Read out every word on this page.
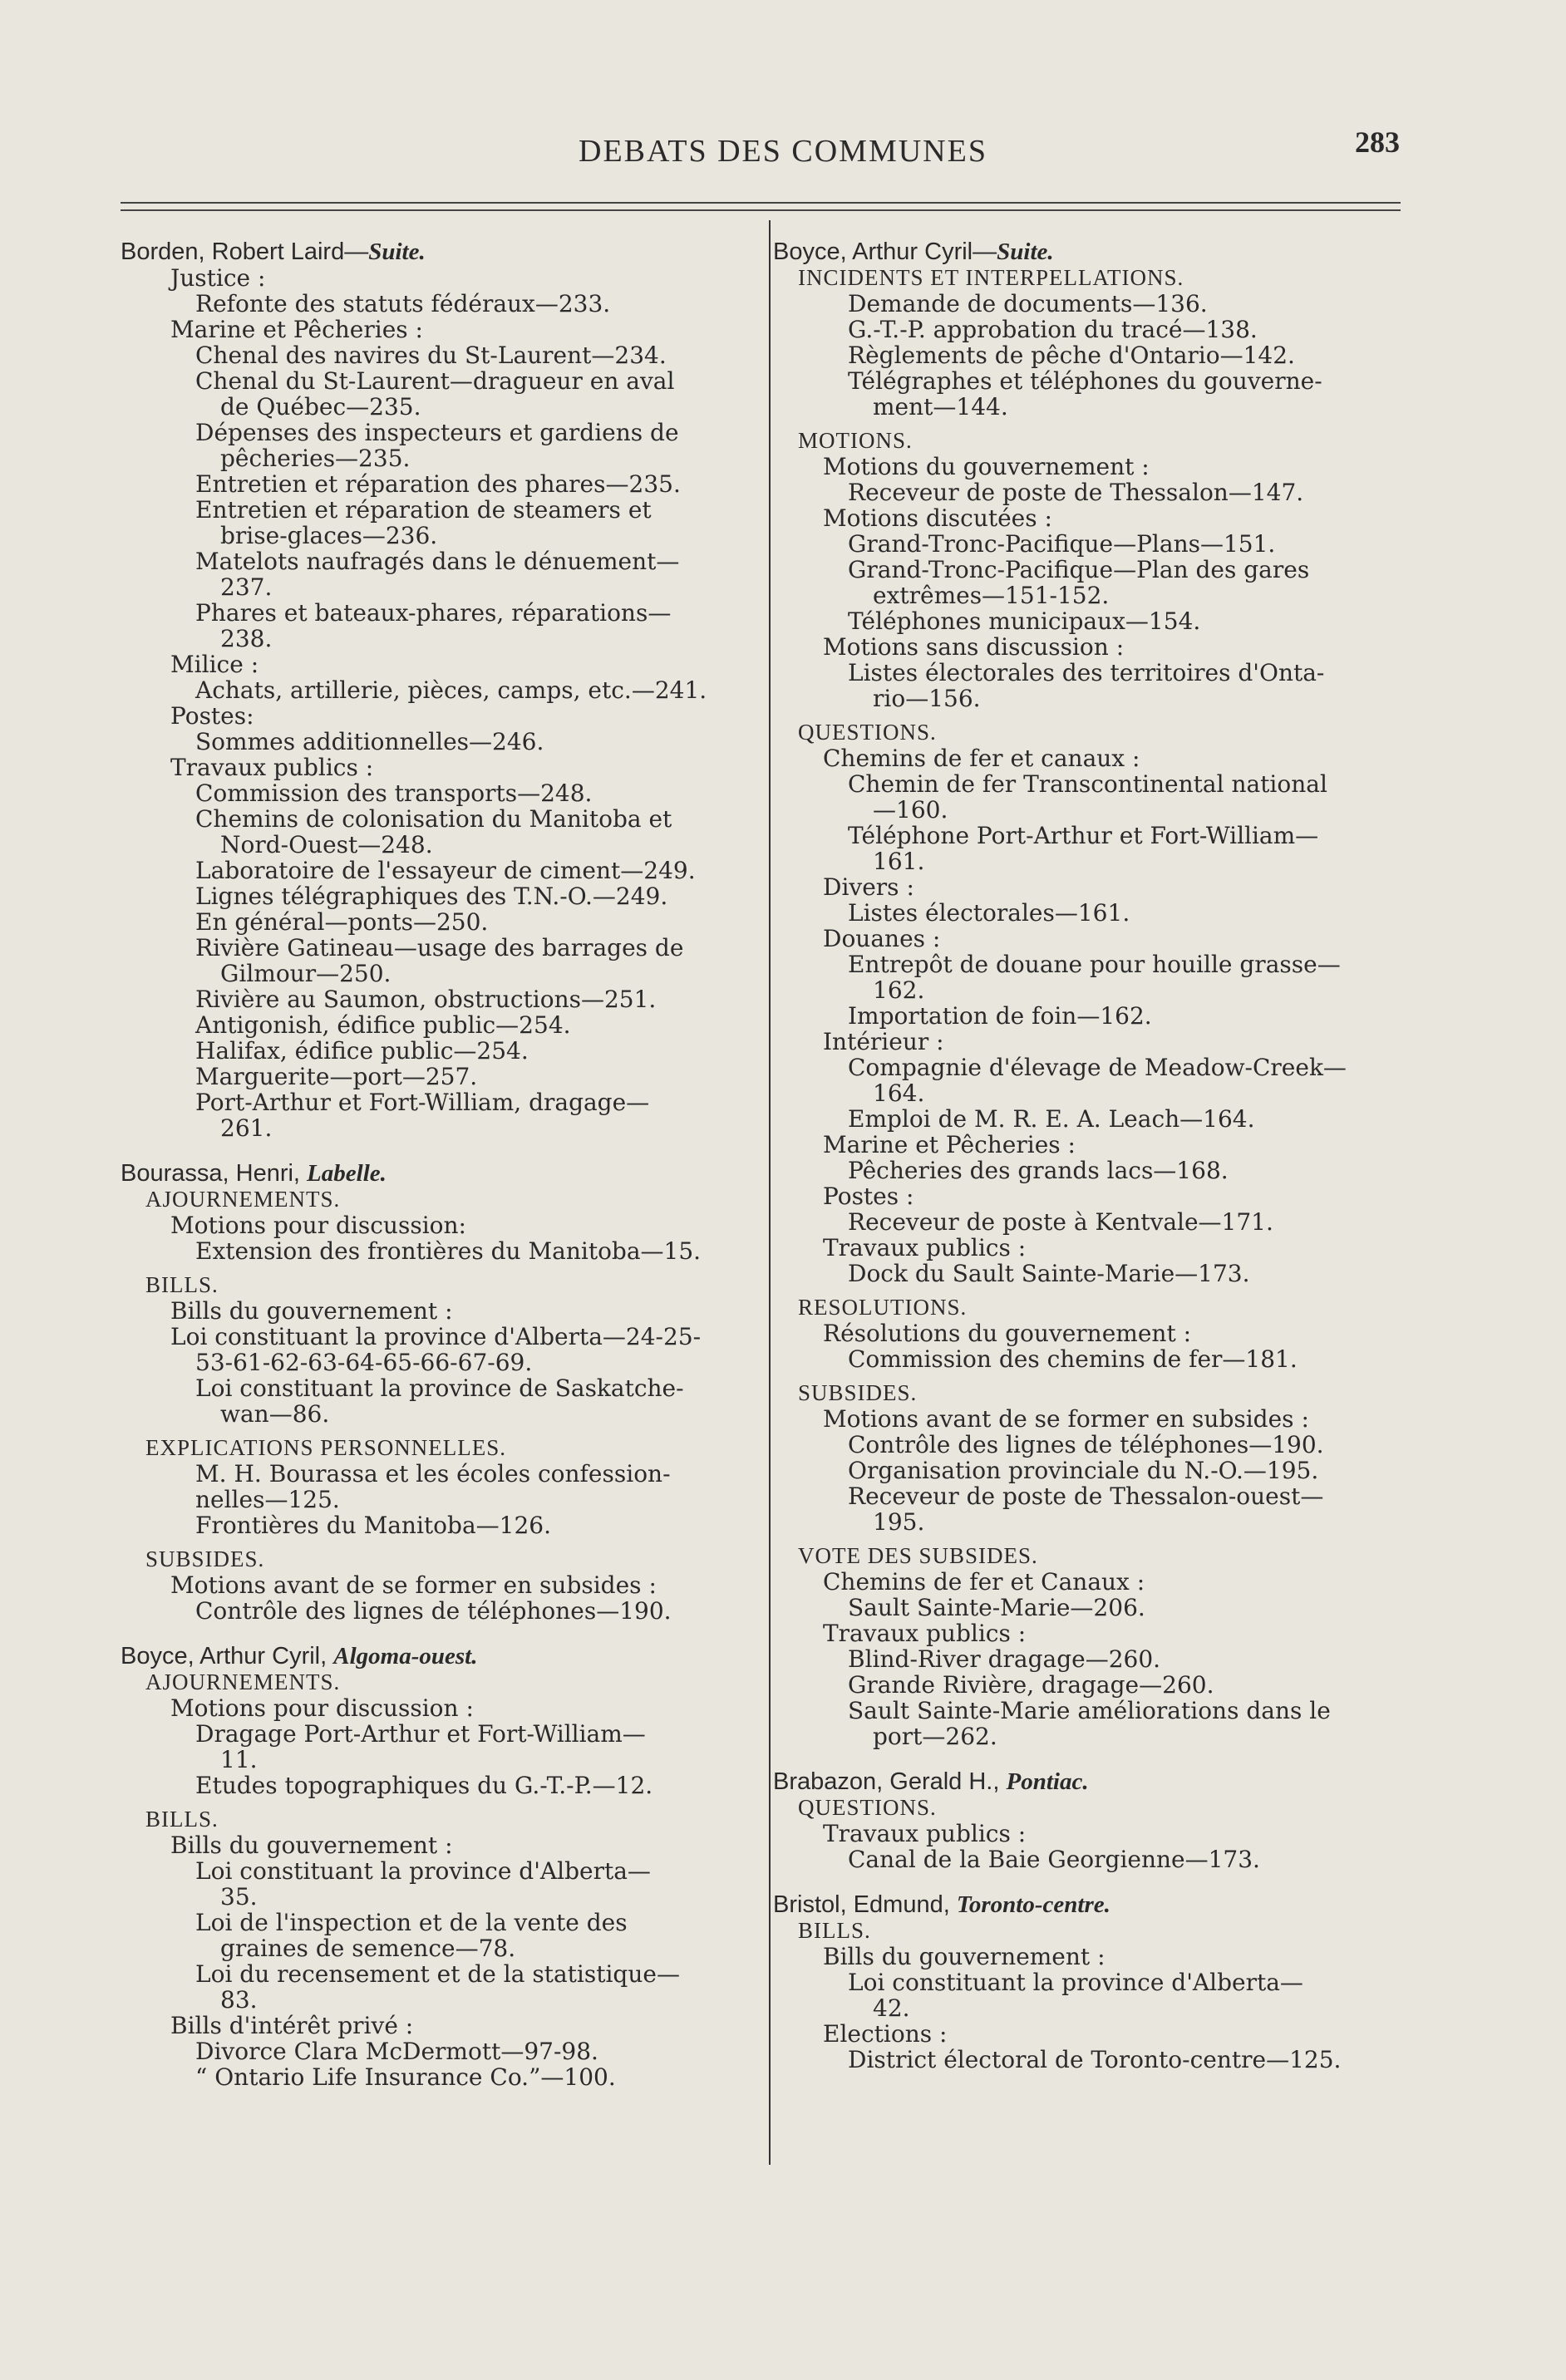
DEBATS DES COMMUNES	283
Borden, Robert Laird—Suite.
Justice :
Refonte des statuts fédéraux—233.
Marine et Pêcheries :
Chenal des navires du St-Laurent—234.
Chenal du St-Laurent—dragueur en aval
de Québec—235.
Dépenses des inspecteurs et gardiens de
pêcheries—235.
Entretien et réparation des phares—235.
Entretien et réparation de steamers et
brise-glaces—236.
Matelots naufragés dans le dénuement—
237.
Phares et bateaux-phares, réparations—
238.
Milice :
Achats, artillerie, pièces, camps, etc.—241.
Postes:
Sommes additionnelles—246.
Travaux publics :
Commission des transports—248.
Chemins de colonisation du Manitoba et
Nord-Ouest—248.
Laboratoire de l'essayeur de ciment—249.
Lignes télégraphiques des T.N.-O.—249.
En général—ponts—250.
Rivière Gatineau—usage des barrages de
Gilmour—250.
Rivière au Saumon, obstructions—251.
Antigonish, édifice public—254.
Halifax, édifice public—254.
Marguerite—port—257.
Port-Arthur et Fort-William, dragage—
261.
Bourassa, Henri, Labelle.
AJOURNEMENTS.
Motions pour discussion:
Extension des frontières du Manitoba—15.
BILLS.
Bills du gouvernement :
Loi constituant la province d'Alberta—24-25-
53-61-62-63-64-65-66-67-69.
Loi constituant la province de Saskatche-
wan—86.
EXPLICATIONS PERSONNELLES.
M. H. Bourassa et les écoles confession-
nelles—125.
Frontières du Manitoba—126.
SUBSIDES.
Motions avant de se former en subsides :
Contrôle des lignes de téléphones—190.
Boyce, Arthur Cyril, Algoma-ouest.
AJOURNEMENTS.
Motions pour discussion :
Dragage Port-Arthur et Fort-William—
11.
Etudes topographiques du G.-T.-P.—12.
BILLS.
Bills du gouvernement :
Loi constituant la province d'Alberta—
35.
Loi de l'inspection et de la vente des
graines de semence—78.
Loi du recensement et de la statistique—
83.
Bills d'intérêt privé :
Divorce Clara McDermott—97-98.
“ Ontario Life Insurance Co.”—100.
Boyce, Arthur Cyril—Suite.
INCIDENTS ET INTERPELLATIONS.
Demande de documents—136.
G.-T.-P. approbation du tracé—138.
Règlements de pêche d'Ontario—142.
Télégraphes et téléphones du gouverne-
ment—144.
MOTIONS.
Motions du gouvernement :
Receveur de poste de Thessalon—147.
Motions discutées :
Grand-Tronc-Pacifique—Plans—151.
Grand-Tronc-Pacifique—Plan des gares
extrêmes—151-152.
Téléphones municipaux—154.
Motions sans discussion :
Listes électorales des territoires d'Onta-
rio—156.
QUESTIONS.
Chemins de fer et canaux :
Chemin de fer Transcontinental national
—160.
Téléphone Port-Arthur et Fort-William—
161.
Divers :
Listes électorales—161.
Douanes :
Entrepôt de douane pour houille grasse—
162.
Importation de foin—162.
Intérieur :
Compagnie d'élevage de Meadow-Creek—
164.
Emploi de M. R. E. A. Leach—164.
Marine et Pêcheries :
Pêcheries des grands lacs—168.
Postes :
Receveur de poste à Kentvale—171.
Travaux publics :
Dock du Sault Sainte-Marie—173.
RESOLUTIONS.
Résolutions du gouvernement :
Commission des chemins de fer—181.
SUBSIDES.
Motions avant de se former en subsides :
Contrôle des lignes de téléphones—190.
Organisation provinciale du N.-O.—195.
Receveur de poste de Thessalon-ouest—
195.
VOTE DES SUBSIDES.
Chemins de fer et Canaux :
Sault Sainte-Marie—206.
Travaux publics :
Blind-River dragage—260.
Grande Rivière, dragage—260.
Sault Sainte-Marie améliorations dans le
port—262.
Brabazon, Gerald H., Pontiac.
QUESTIONS.
Travaux publics :
Canal de la Baie Georgienne—173.
Bristol, Edmund, Toronto-centre.
BILLS.
Bills du gouvernement :
Loi constituant la province d'Alberta—
42.
Elections :
District électoral de Toronto-centre—125.
